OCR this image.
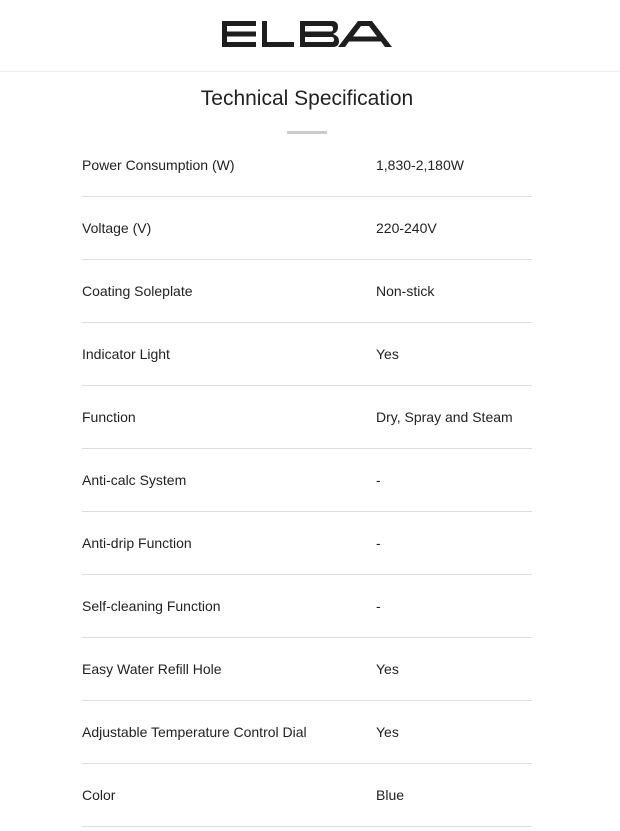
Technical Specification
Power Consumption (W)	1,830-2,180W
Voltage (V)	220-240V
Coating Soleplate	Non-stick
Indicator Light	Yes
Function	Dry, Spray and Steam
Anti-calc System	-
Anti-drip Function	-
Self-cleaning Function	-
Easy Water Refill Hole	Yes
Adjustable Temperature Control Dial	Yes
Color	Blue
